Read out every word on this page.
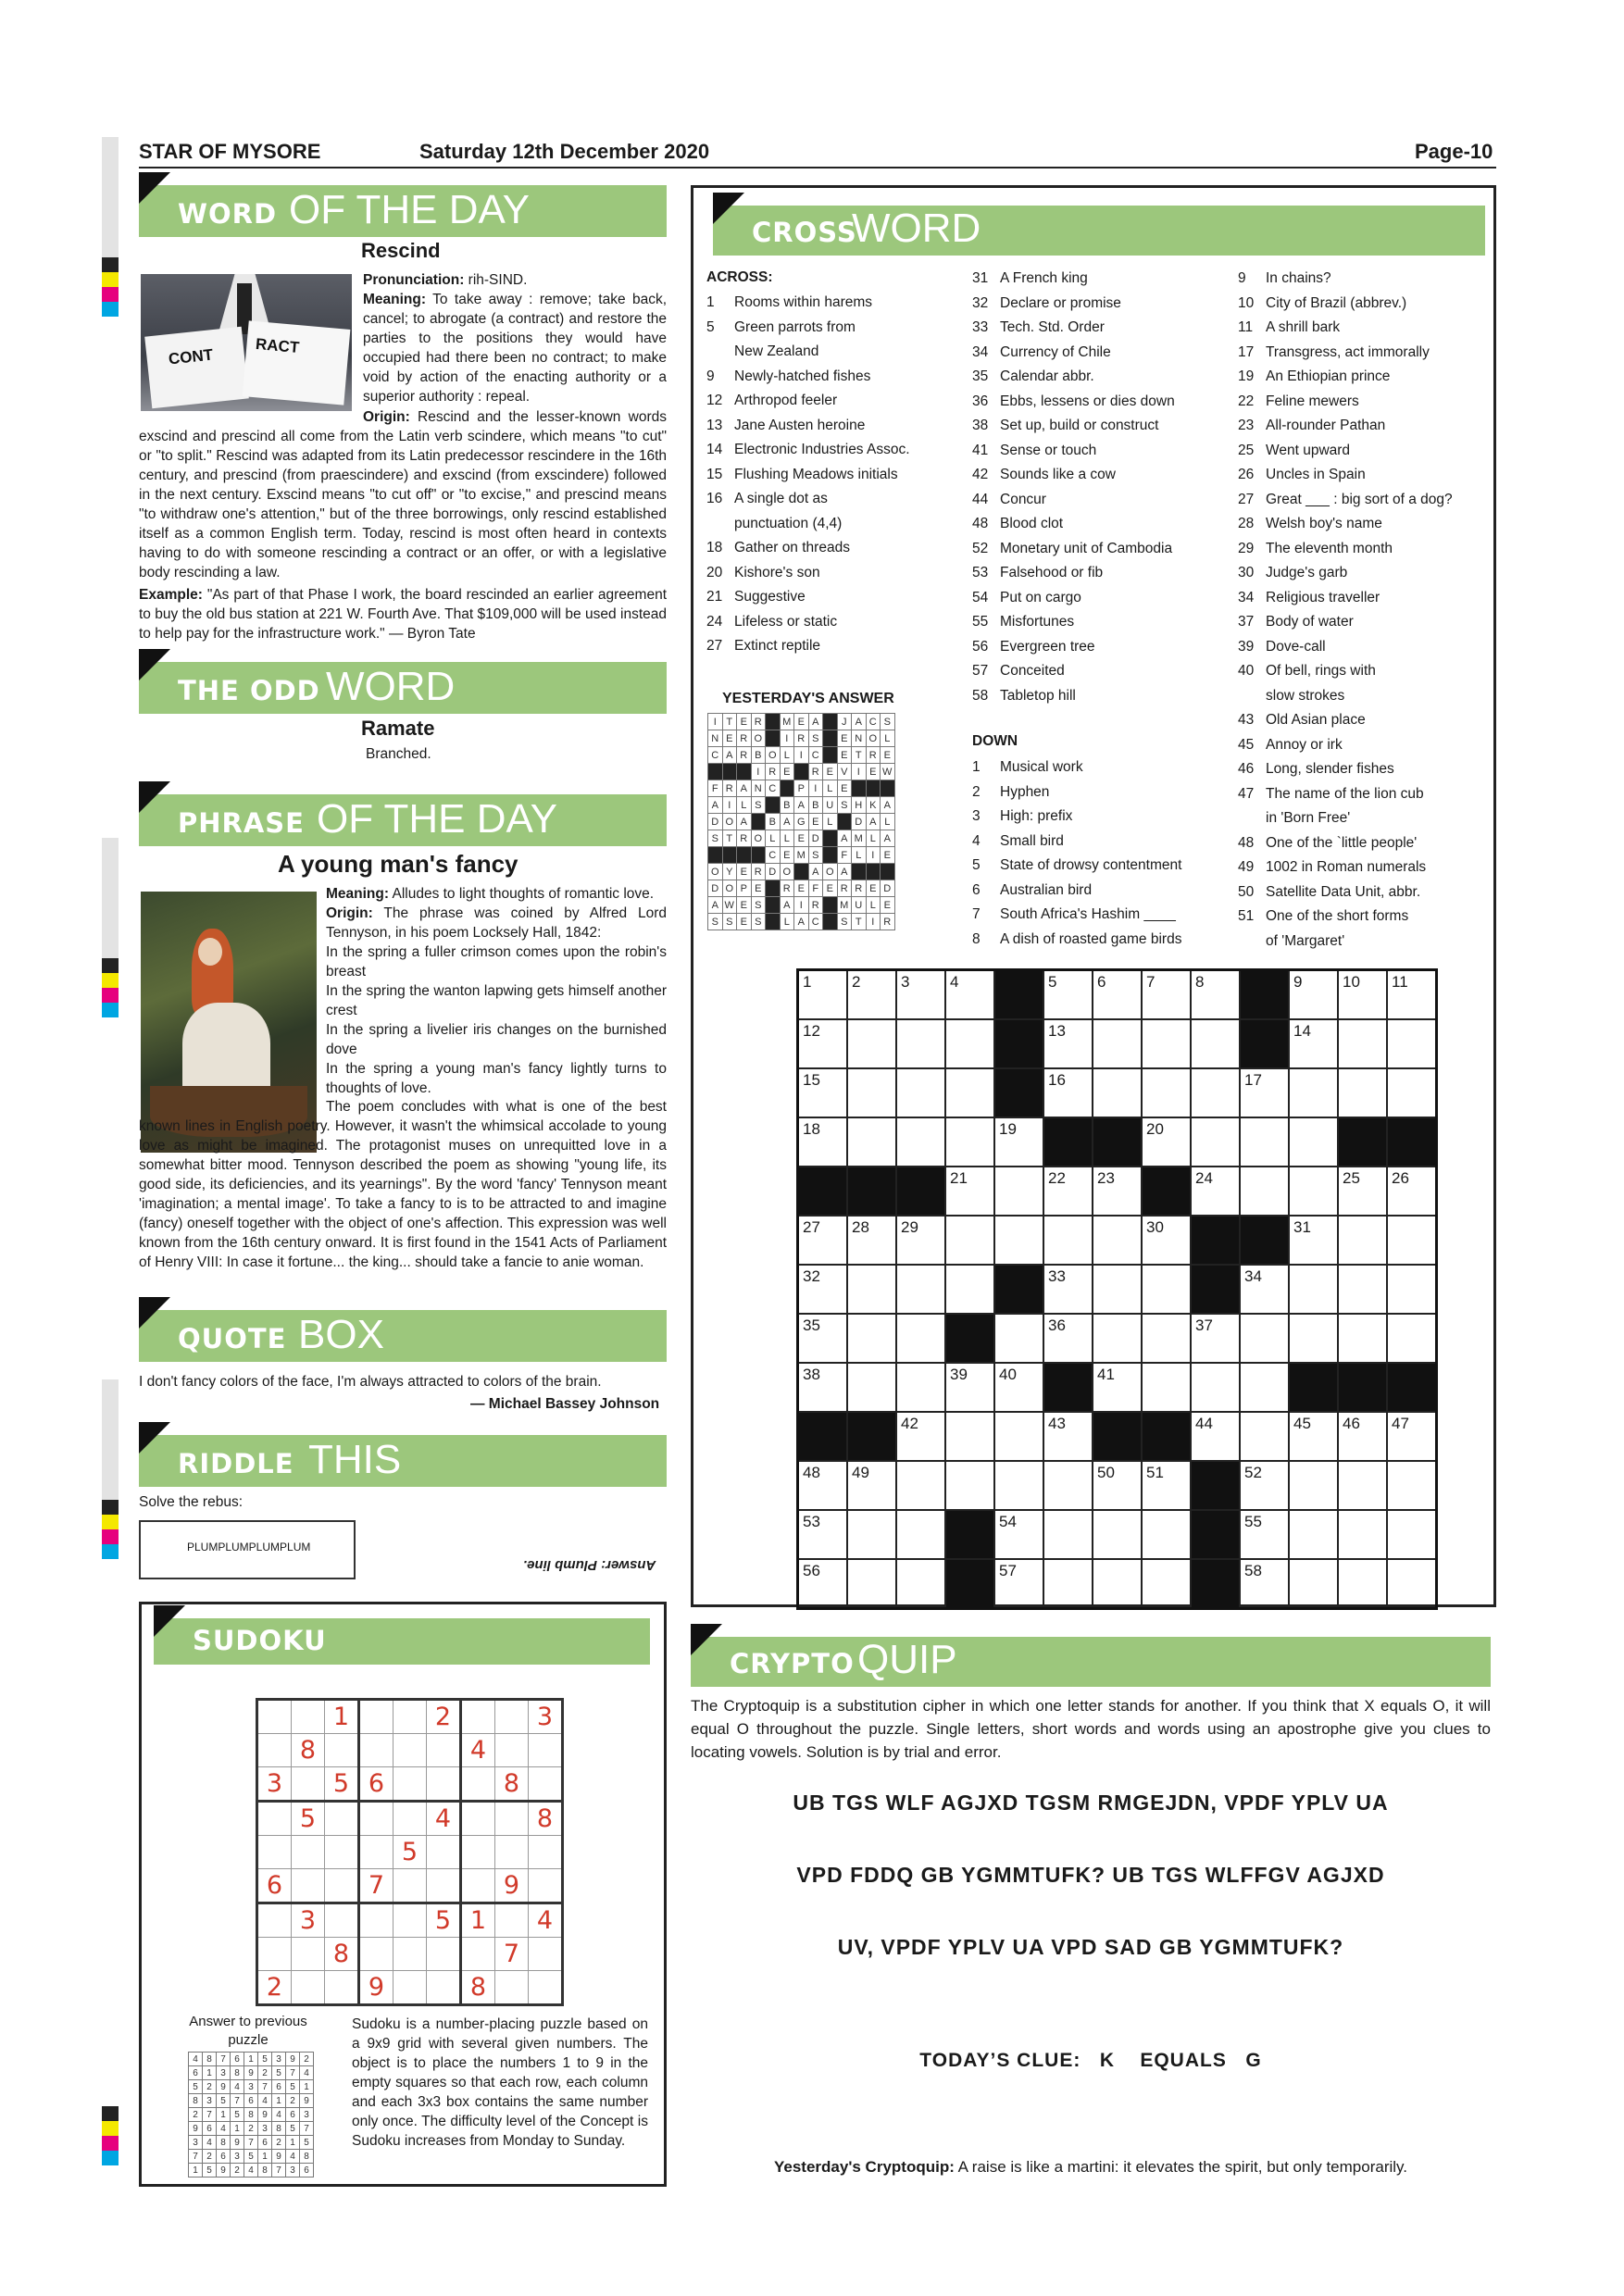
STAR OF MYSORE	Saturday 12th December 2020	Page-10
WORD OF THE DAY
Rescind
CONT
RACT
Pronunciation: rih-SIND.
Meaning: To take away : remove; take back, cancel; to abrogate (a contract) and restore the parties to the positions they would have occupied had there been no contract; to make void by action of the enacting authority or a superior authority : repeal.
Origin: Rescind and the lesser-known words exscind and prescind all come from the Latin verb scindere, which means "to cut" or "to split." Rescind was adapted from its Latin predecessor rescindere in the 16th century, and prescind (from praescindere) and exscind (from exscindere) followed in the next century. Exscind means "to cut off" or "to excise," and prescind means "to withdraw one's attention," but of the three borrowings, only rescind established itself as a common English term. Today, rescind is most often heard in contexts having to do with someone rescinding a contract or an offer, or with a legislative body rescinding a law.

Example: "As part of that Phase I work, the board rescinded an earlier agreement to buy the old bus station at 221 W. Fourth Ave. That $109,000 will be used instead to help pay for the infrastructure work." — Byron Tate
THE ODD WORD
Ramate
Branched.
PHRASE OF THE DAY
A young man's fancy
Meaning: Alludes to light thoughts of romantic love.
Origin: The phrase was coined by Alfred Lord Tennyson, in his poem Locksely Hall, 1842:
In the spring a fuller crimson comes upon the robin's breast
In the spring the wanton lapwing gets himself another crest
In the spring a livelier iris changes on the burnished dove
In the spring a young man's fancy lightly turns to thoughts of love.
The poem concludes with what is one of the best known lines in English poetry. However, it wasn't the whimsical accolade to young love as might be imagined. The protagonist muses on unrequitted love in a somewhat bitter mood. Tennyson described the poem as showing "young life, its good side, its deficiencies, and its yearnings". By the word 'fancy' Tennyson meant 'imagination; a mental image'. To take a fancy to is to be attracted to and imagine (fancy) oneself together with the object of one's affection. This expression was well known from the 16th century onward. It is first found in the 1541 Acts of Parliament of Henry VIII: In case it fortune... the king... should take a fancie to anie woman.
QUOTE BOX
I don't fancy colors of the face, I'm always attracted to colors of the brain.
— Michael Bassey Johnson
RIDDLE THIS
Solve the rebus:
PLUMPLUMPLUMPLUM
Answer: Plumb line.
SUDOKU
		1			2			3
	8					4		
3		5	6				8	
	5				4			8
				5				
6			7				9	
	3				5	1		4
		8					7	
2			9			8		
Answer to previous puzzle
4	8	7	6	1	5	3	9	2
6	1	3	8	9	2	5	7	4
5	2	9	4	3	7	6	5	1
8	3	5	7	6	4	1	2	9
2	7	1	5	8	9	4	6	3
9	6	4	1	2	3	8	5	7
3	4	8	9	7	6	2	1	5
7	2	6	3	5	1	9	4	8
1	5	9	2	4	8	7	3	6
Sudoku is a number-placing puzzle based on a 9x9 grid with several given numbers. The object is to place the numbers 1 to 9 in the empty squares so that each row, each column and each 3x3 box contains the same number only once. The difficulty level of the Concept is Sudoku increases from Monday to Sunday.
CROSS
WORD
ACROSS:
1 Rooms within harems
5 Green parrots from
New Zealand
9 Newly-hatched fishes
12 Arthropod feeler
13 Jane Austen heroine
14 Electronic Industries Assoc.
15 Flushing Meadows initials
16 A single dot as
punctuation (4,4)
18 Gather on threads
20 Kishore's son
21 Suggestive
24 Lifeless or static
27 Extinct reptile
31 A French king
32 Declare or promise
33 Tech. Std. Order
34 Currency of Chile
35 Calendar abbr.
36 Ebbs, lessens or dies down
38 Set up, build or construct
41 Sense or touch
42 Sounds like a cow
44 Concur
48 Blood clot
52 Monetary unit of Cambodia
53 Falsehood or fib
54 Put on cargo
55 Misfortunes
56 Evergreen tree
57 Conceited
58 Tabletop hill
DOWN
1 Musical work
2 Hyphen
3 High: prefix
4 Small bird
5 State of drowsy contentment
6 Australian bird
7 South Africa's Hashim ____
8 A dish of roasted game birds
9 In chains?
10 City of Brazil (abbrev.)
11 A shrill bark
17 Transgress, act immorally
19 An Ethiopian prince
22 Feline mewers
23 All-rounder Pathan
25 Went upward
26 Uncles in Spain
27 Great ___ : big sort of a dog?
28 Welsh boy's name
29 The eleventh month
30 Judge's garb
34 Religious traveller
37 Body of water
39 Dove-call
40 Of bell, rings with
slow strokes
43 Old Asian place
45 Annoy or irk
46 Long, slender fishes
47 The name of the lion cub
in 'Born Free'
48 One of the `little people'
49 1002 in Roman numerals
50 Satellite Data Unit, abbr.
51 One of the short forms
of 'Margaret'
YESTERDAY'S ANSWER
I	T	E	R		M	E	A		J	A	C	S
N	E	R	O		I	R	S		E	N	O	L
C	A	R	B	O	L	I	C		E	T	R	E
			I	R	E		R	E	V	I	E	W
F	R	A	N	C		P	I	L	E			
A	I	L	S		B	A	B	U	S	H	K	A
D	O	A		B	A	G	E	L		D	A	L
S	T	R	O	L	L	E	D		A	M	L	A
				C	E	M	S		F	L	I	E
O	Y	E	R	D	O		A	O	A			
D	O	P	E		R	E	F	E	R	R	E	D
A	W	E	S		A	I	R		M	U	L	E
S	S	E	S		L	A	C		S	T	I	R
1	2	3	4		5	6	7	8		9	10	11

12					13					14		

15					16				17			

18				19			20					

			21		22	23		24			25	26

27	28	29					30			31		

32					33				34			

35					36			37				

38			39	40		41						

		42			43			44		45	46	47

48	49					50	51		52			

53				54					55			

56				57					58			

CRYPTO QUIP
The Cryptoquip is a substitution cipher in which one letter stands for another. If you think that X equals O, it will equal O throughout the puzzle. Single letters, short words and words using an apostrophe give you clues to locating vowels. Solution is by trial and error.
UB TGS WLF AGJXD TGSM RMGEJDN, VPDF YPLV UA
VPD FDDQ GB YGMMTUFK? UB TGS WLFFGV AGJXD
UV, VPDF YPLV UA VPD SAD GB YGMMTUFK?
TODAY’S CLUE:   K    EQUALS   G
Yesterday's Cryptoquip: A raise is like a martini: it elevates the spirit, but only temporarily.
